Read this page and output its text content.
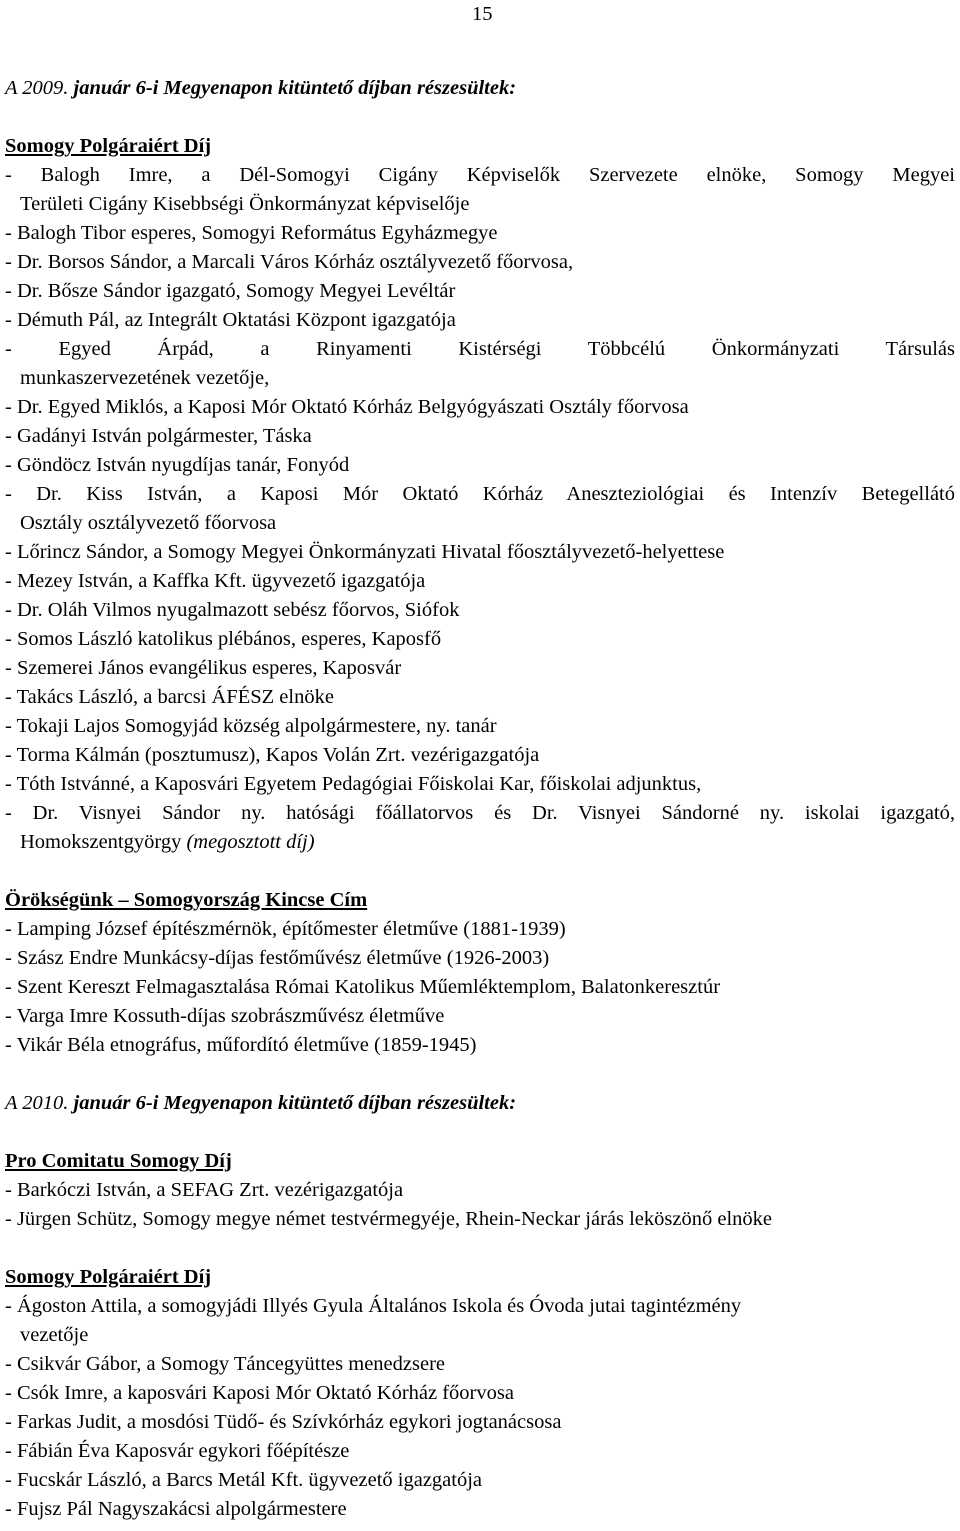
15
A 2009. január 6-i Megyenapon kitüntető díjban részesültek:
Somogy Polgáraiért Díj
- Balogh Imre, a Dél-Somogyi Cigány Képviselők Szervezete elnöke, Somogy Megyei
Területi Cigány Kisebbségi Önkormányzat képviselője
- Balogh Tibor esperes, Somogyi Református Egyházmegye
- Dr. Borsos Sándor, a Marcali Város Kórház osztályvezető főorvosa,
- Dr. Bősze Sándor igazgató, Somogy Megyei Levéltár
- Démuth Pál, az Integrált Oktatási Központ igazgatója
- Egyed Árpád, a Rinyamenti Kistérségi Többcélú Önkormányzati Társulás
munkaszervezetének vezetője,
- Dr. Egyed Miklós, a Kaposi Mór Oktató Kórház Belgyógyászati Osztály főorvosa
- Gadányi István polgármester, Táska
- Göndöcz István nyugdíjas tanár, Fonyód
- Dr. Kiss István, a Kaposi Mór Oktató Kórház Aneszteziológiai és Intenzív Betegellátó
Osztály osztályvezető főorvosa
- Lőrincz Sándor, a Somogy Megyei Önkormányzati Hivatal főosztályvezető-helyettese
- Mezey István, a Kaffka Kft. ügyvezető igazgatója
- Dr. Oláh Vilmos nyugalmazott sebész főorvos, Siófok
- Somos László katolikus plébános, esperes, Kaposfő
- Szemerei János evangélikus esperes, Kaposvár
- Takács László, a barcsi ÁFÉSZ elnöke
- Tokaji Lajos Somogyjád község alpolgármestere, ny. tanár
- Torma Kálmán (posztumusz), Kapos Volán Zrt. vezérigazgatója
- Tóth Istvánné, a Kaposvári Egyetem Pedagógiai Főiskolai Kar, főiskolai adjunktus,
- Dr. Visnyei Sándor ny. hatósági főállatorvos és Dr. Visnyei Sándorné ny. iskolai igazgató,
Homokszentgyörgy (megosztott díj)
Örökségünk – Somogyország Kincse Cím
- Lamping József építészmérnök, építőmester életműve (1881-1939)
- Szász Endre Munkácsy-díjas festőművész életműve (1926-2003)
- Szent Kereszt Felmagasztalása Római Katolikus Műemléktemplom, Balatonkeresztúr
- Varga Imre Kossuth-díjas szobrászművész életműve
- Vikár Béla etnográfus, műfordító életműve (1859-1945)
A 2010. január 6-i Megyenapon kitüntető díjban részesültek:
Pro Comitatu Somogy Díj
- Barkóczi István, a SEFAG Zrt. vezérigazgatója
- Jürgen Schütz, Somogy megye német testvérmegyéje, Rhein-Neckar járás leköszönő elnöke
Somogy Polgáraiért Díj
- Ágoston Attila, a somogyjádi Illyés Gyula Általános Iskola és Óvoda jutai tagintézmény
vezetője
- Csikvár Gábor, a Somogy Táncegyüttes menedzsere
- Csók Imre, a kaposvári Kaposi Mór Oktató Kórház főorvosa
- Farkas Judit, a mosdósi Tüdő- és Szívkórház egykori jogtanácsosa
- Fábián Éva Kaposvár egykori főépítésze
- Fucskár László, a Barcs Metál Kft. ügyvezető igazgatója
- Fujsz Pál Nagyszakácsi alpolgármestere
